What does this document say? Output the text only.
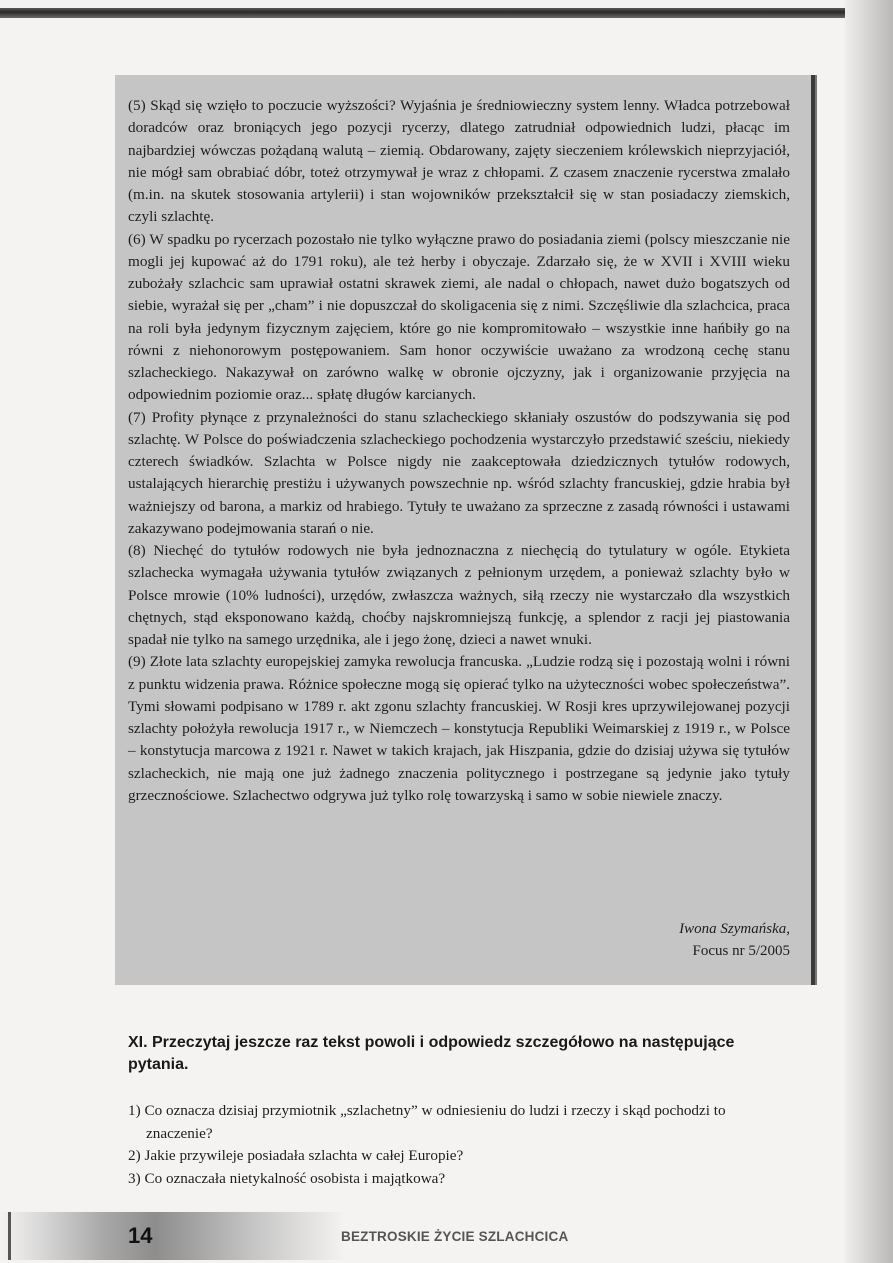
(5) Skąd się wzięło to poczucie wyższości? Wyjaśnia je średniowieczny system lenny. Władca potrzebował doradców oraz broniących jego pozycji rycerzy, dlatego zatrudniał odpowiednich ludzi, płacąc im najbardziej wówczas pożądaną walutą – ziemią. Obdarowany, zajęty sieczeniem królewskich nieprzyjaciół, nie mógł sam obrabiać dóbr, toteż otrzymywał je wraz z chłopami. Z czasem znaczenie rycerstwa zmalało (m.in. na skutek stosowania artylerii) i stan wojowników przekształcił się w stan posiadaczy ziemskich, czyli szlachtę.

(6) W spadku po rycerzach pozostało nie tylko wyłączne prawo do posiadania ziemi (polscy mieszczanie nie mogli jej kupować aż do 1791 roku), ale też herby i obyczaje. Zdarzało się, że w XVII i XVIII wieku zubożały szlachcic sam uprawiał ostatni skrawek ziemi, ale nadal o chłopach, nawet dużo bogatszych od siebie, wyrażał się per „cham” i nie dopuszczał do skoligacenia się z nimi. Szczęśliwie dla szlachcica, praca na roli była jedynym fizycznym zajęciem, które go nie kompromitowało – wszystkie inne hańbiły go na równi z niehonorowym postępowaniem. Sam honor oczywiście uważano za wrodzoną cechę stanu szlacheckiego. Nakazywał on zarówno walkę w obronie ojczyzny, jak i organizowanie przyjęcia na odpowiednim poziomie oraz... spłatę długów karcianych.

(7) Profity płynące z przynależności do stanu szlacheckiego skłaniały oszustów do podszywania się pod szlachtę. W Polsce do poświadczenia szlacheckiego pochodzenia wystarczyło przedstawić sześciu, niekiedy czterech świadków. Szlachta w Polsce nigdy nie zaakceptowała dziedzicznych tytułów rodowych, ustalających hierarchię prestiżu i używanych powszechnie np. wśród szlachty francuskiej, gdzie hrabia był ważniejszy od barona, a markiz od hrabiego. Tytuły te uważano za sprzeczne z zasadą równości i ustawami zakazywano podejmowania starań o nie.

(8) Niechęć do tytułów rodowych nie była jednoznaczna z niechęcią do tytulatury w ogóle. Etykieta szlachecka wymagała używania tytułów związanych z pełnionym urzędem, a ponieważ szlachty było w Polsce mrowie (10% ludności), urzędów, zwłaszcza ważnych, siłą rzeczy nie wystarczało dla wszystkich chętnych, stąd eksponowano każdą, choćby najskromniejszą funkcję, a splendor z racji jej piastowania spadał nie tylko na samego urzędnika, ale i jego żonę, dzieci a nawet wnuki.

(9) Złote lata szlachty europejskiej zamyka rewolucja francuska. „Ludzie rodzą się i pozostają wolni i równi z punktu widzenia prawa. Różnice społeczne mogą się opierać tylko na użyteczności wobec społeczeństwa”. Tymi słowami podpisano w 1789 r. akt zgonu szlachty francuskiej. W Rosji kres uprzywilejowanej pozycji szlachty położyła rewolucja 1917 r., w Niemczech – konstytucja Republiki Weimarskiej z 1919 r., w Polsce – konstytucja marcowa z 1921 r. Nawet w takich krajach, jak Hiszpania, gdzie do dzisiaj używa się tytułów szlacheckich, nie mają one już żadnego znaczenia politycznego i postrzegane są jedynie jako tytuły grzecznościowe. Szlachectwo odgrywa już tylko rolę towarzyską i samo w sobie niewiele znaczy.

Iwona Szymańska,
Focus nr 5/2005
XI. Przeczytaj jeszcze raz tekst powoli i odpowiedz szczegółowo na następujące pytania.
1) Co oznacza dzisiaj przymiotnik „szlachetny” w odniesieniu do ludzi i rzeczy i skąd pochodzi to znaczenie?
2) Jakie przywileje posiadała szlachta w całej Europie?
3) Co oznaczała nietykalność osobista i majątkowa?
14	BEZTROSKIE ŻYCIE SZLACHCICA
